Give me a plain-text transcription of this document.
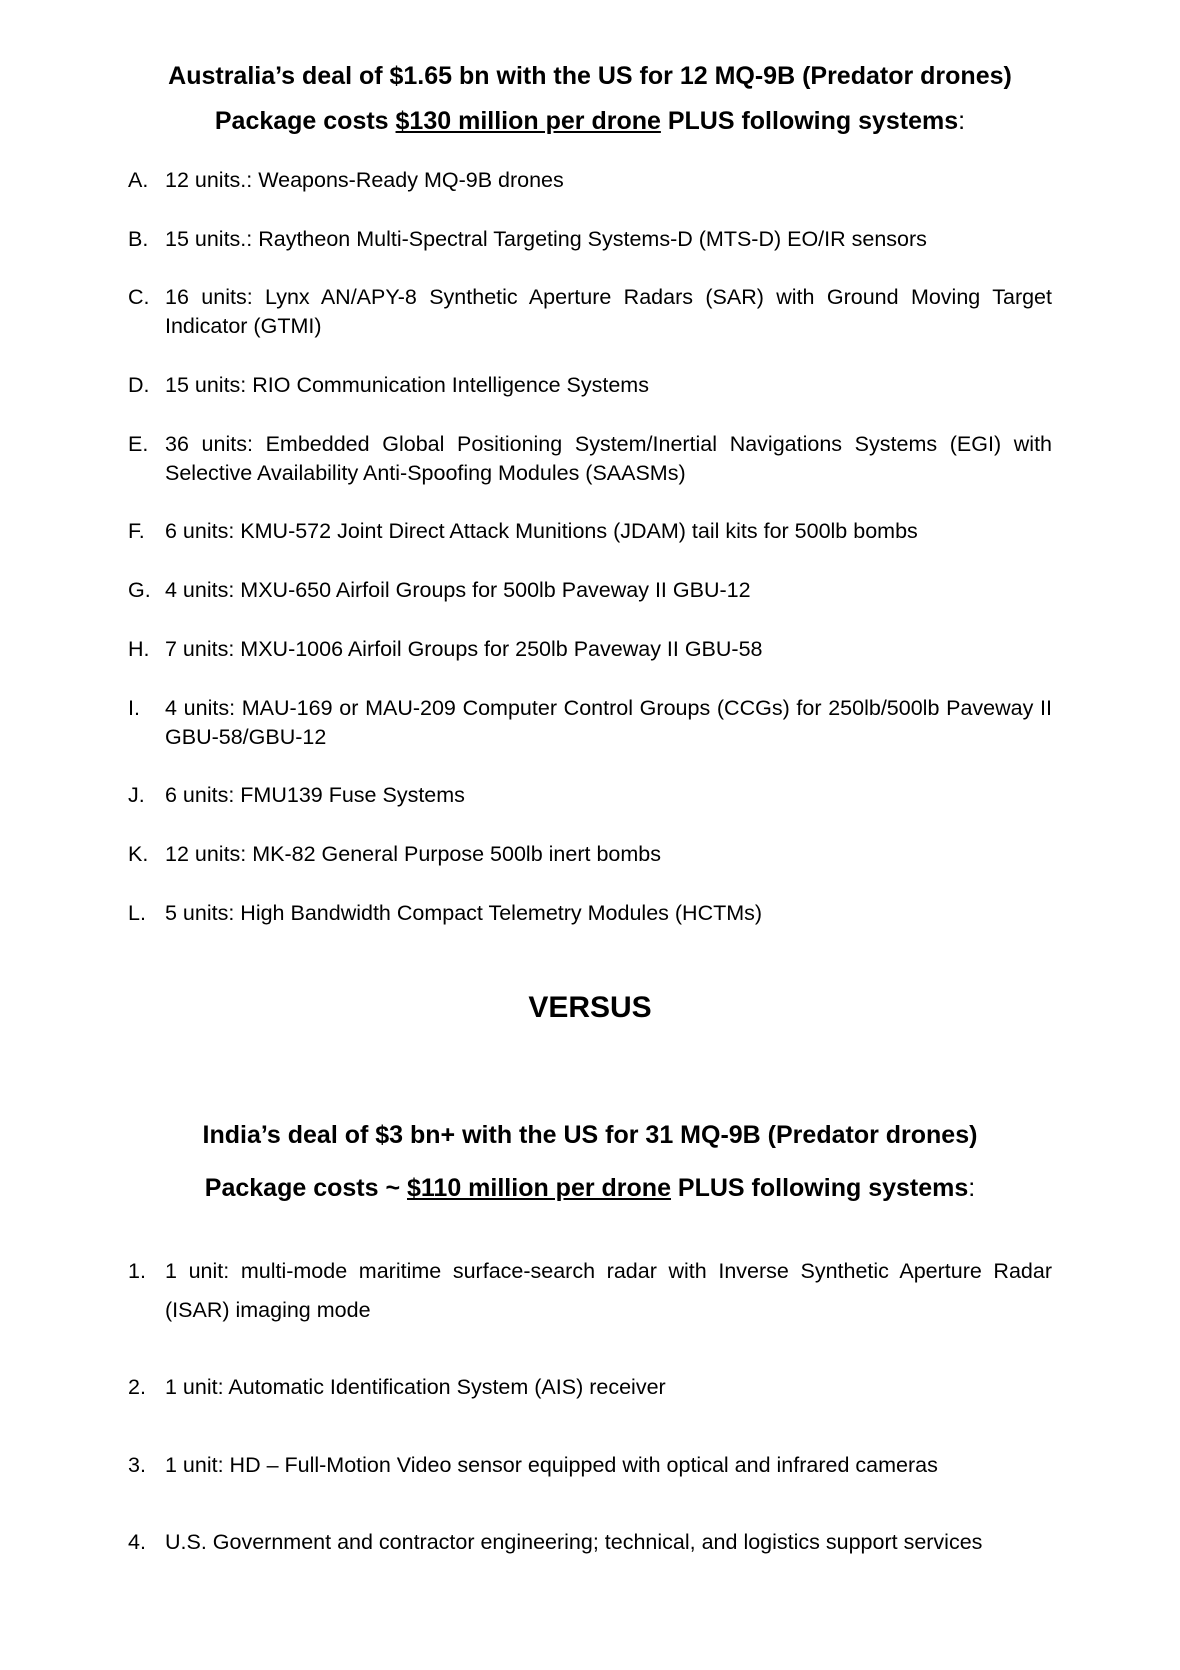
Australia’s deal of $1.65 bn with the US for 12 MQ-9B (Predator drones)
Package costs $130 million per drone PLUS following systems:
A. 12 units.: Weapons-Ready MQ-9B drones
B. 15 units.: Raytheon Multi-Spectral Targeting Systems-D (MTS-D) EO/IR sensors
C. 16 units: Lynx AN/APY-8 Synthetic Aperture Radars (SAR) with Ground Moving Target Indicator (GTMI)
D. 15 units: RIO Communication Intelligence Systems
E. 36 units: Embedded Global Positioning System/Inertial Navigations Systems (EGI) with Selective Availability Anti-Spoofing Modules (SAASMs)
F. 6 units: KMU-572 Joint Direct Attack Munitions (JDAM) tail kits for 500lb bombs
G. 4 units: MXU-650 Airfoil Groups for 500lb Paveway II GBU-12
H. 7 units: MXU-1006 Airfoil Groups for 250lb Paveway II GBU-58
I. 4 units: MAU-169 or MAU-209 Computer Control Groups (CCGs) for 250lb/500lb Paveway II GBU-58/GBU-12
J. 6 units: FMU139 Fuse Systems
K. 12 units: MK-82 General Purpose 500lb inert bombs
L. 5 units: High Bandwidth Compact Telemetry Modules (HCTMs)
VERSUS
India’s deal of $3 bn+ with the US for 31 MQ-9B (Predator drones)
Package costs ~ $110 million per drone PLUS following systems:
1. 1 unit: multi-mode maritime surface-search radar with Inverse Synthetic Aperture Radar (ISAR) imaging mode
2. 1 unit: Automatic Identification System (AIS) receiver
3. 1 unit: HD – Full-Motion Video sensor equipped with optical and infrared cameras
4. U.S. Government and contractor engineering; technical, and logistics support services
